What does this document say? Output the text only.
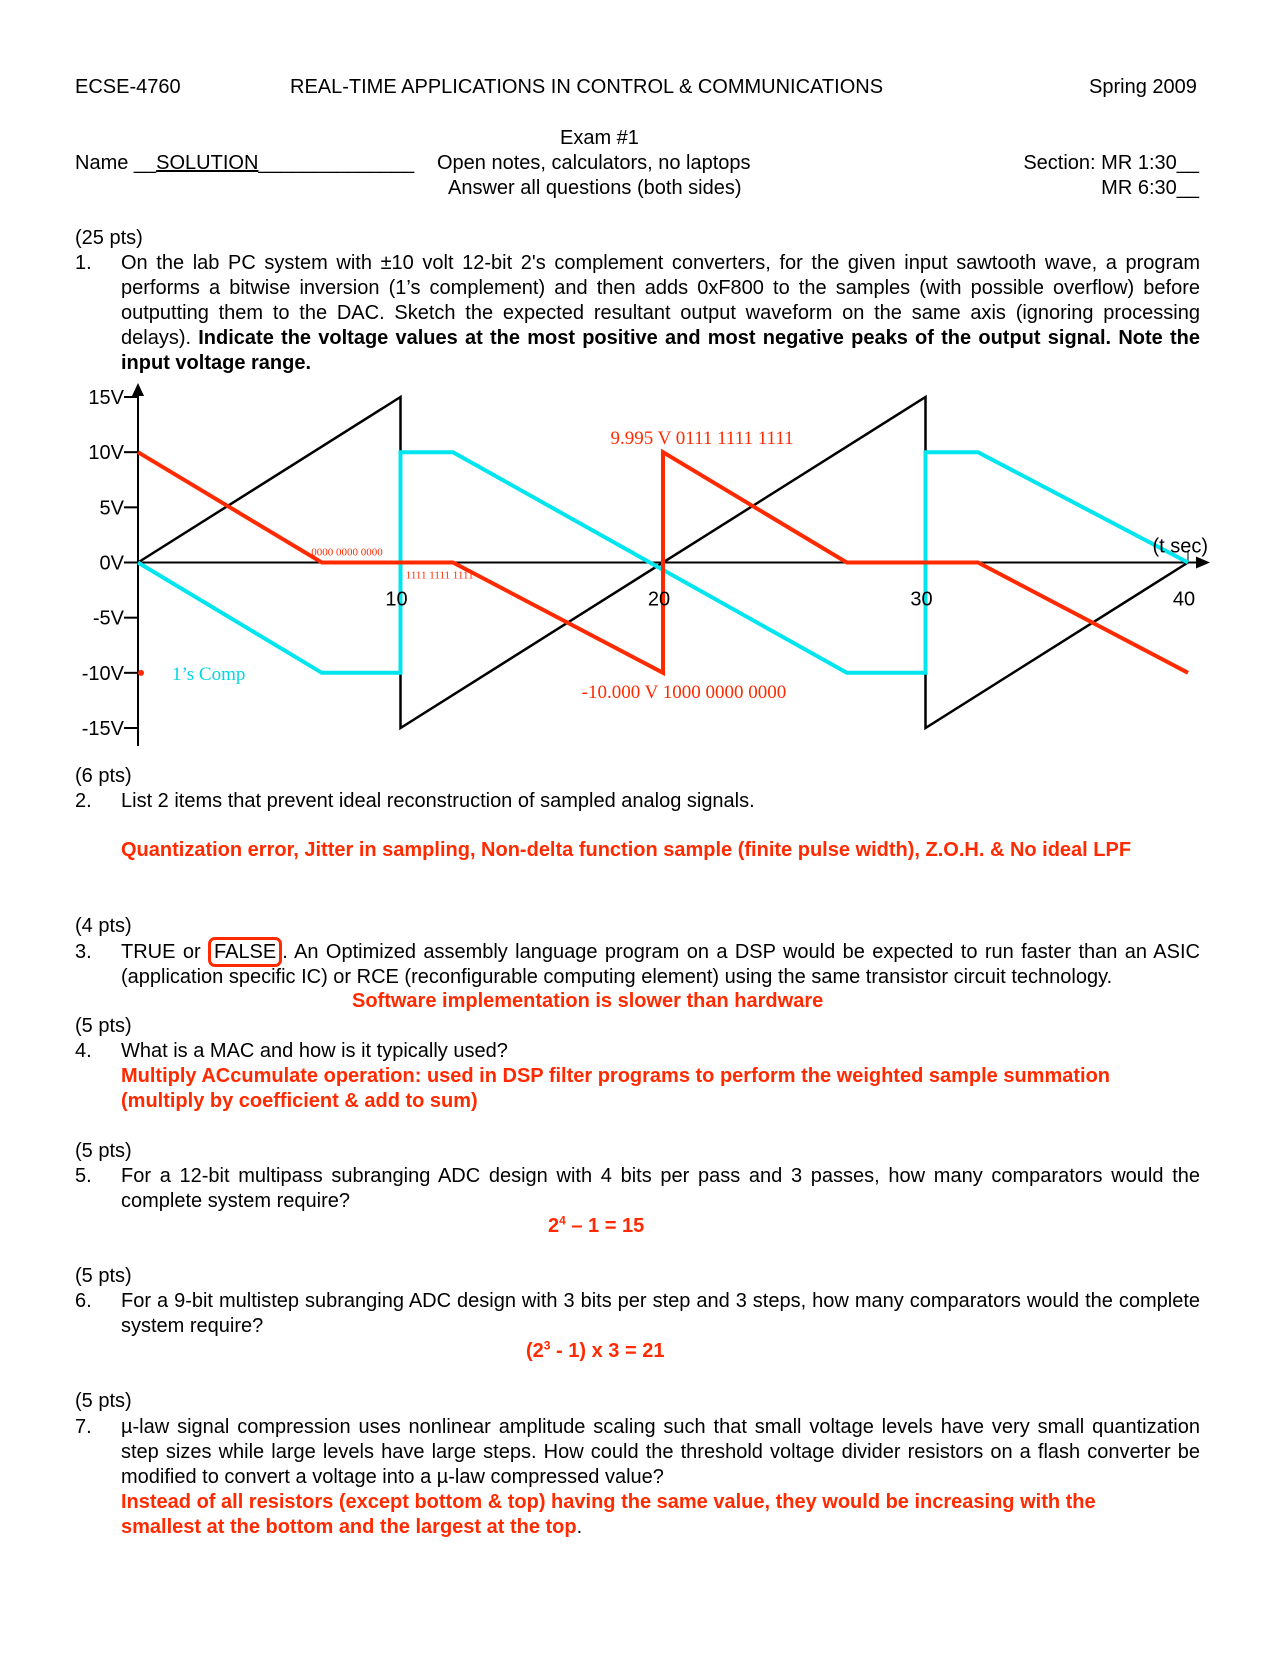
ECSE-4760	REAL-TIME APPLICATIONS IN CONTROL & COMMUNICATIONS	Spring 2009
Exam #1
Name __SOLUTION______________ Open notes, calculators, no laptops
Answer all questions (both sides)
Section: MR 1:30__
MR 6:30__
(25 pts)
1. On the lab PC system with ±10 volt 12-bit 2's complement converters, for the given input sawtooth wave, a program performs a bitwise inversion (1’s complement) and then adds 0xF800 to the samples (with possible overflow) before outputting them to the DAC. Sketch the expected resultant output waveform on the same axis (ignoring processing delays). Indicate the voltage values at the most positive and most negative peaks of the output signal. Note the input voltage range.
15V
10V
5V
0V
-5V
-10V
-15V
10	20	30	40
(t sec)
9.995 V 0111 1111 1111
-10.000 V 1000 0000 0000
0000 0000 0000
1111 1111 1111
1’s Comp
(6 pts)
2. List 2 items that prevent ideal reconstruction of sampled analog signals.
Quantization error, Jitter in sampling, Non-delta function sample (finite pulse width), Z.O.H. & No ideal LPF
(4 pts)
3. TRUE or FALSE . An Optimized assembly language program on a DSP would be expected to run faster than an ASIC (application specific IC) or RCE (reconfigurable computing element) using the same transistor circuit technology.
Software implementation is slower than hardware
(5 pts)
4. What is a MAC and how is it typically used?
Multiply ACcumulate operation: used in DSP filter programs to perform the weighted sample summation
(multiply by coefficient & add to sum)
(5 pts)
5. For a 12-bit multipass subranging ADC design with 4 bits per pass and 3 passes, how many comparators would the complete system require?
$2^4 - 1 = 15$
(5 pts)
6. For a 9-bit multistep subranging ADC design with 3 bits per step and 3 steps, how many comparators would the complete system require?
$(2^3 - 1)$ x 3 = 21
(5 pts)
7. µ-law signal compression uses nonlinear amplitude scaling such that small voltage levels have very small quantization step sizes while large levels have large steps. How could the threshold voltage divider resistors on a flash converter be modified to convert a voltage into a µ-law compressed value?
Instead of all resistors (except bottom & top) having the same value, they would be increasing with the
smallest at the bottom and the largest at the top.
